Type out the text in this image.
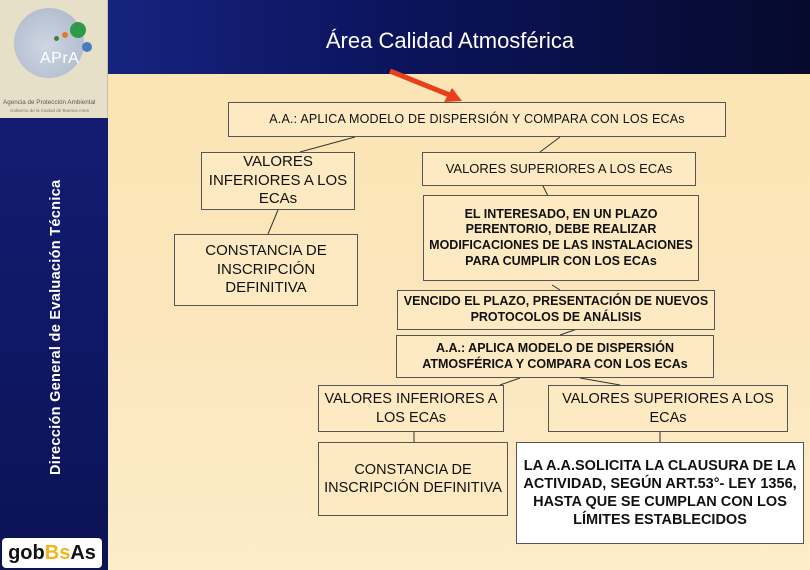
APrA
Agencia de Protección Ambiental
Gobierno de la Ciudad de Buenos Aires
Dirección General de Evaluación Técnica
gobBsAs
Área Calidad Atmosférica
A.A.: APLICA MODELO DE DISPERSIÓN Y COMPARA CON LOS ECAs
VALORES INFERIORES A LOS ECAs
CONSTANCIA DE INSCRIPCIÓN DEFINITIVA
VALORES SUPERIORES A LOS ECAs
EL INTERESADO, EN UN PLAZO PERENTORIO, DEBE REALIZAR MODIFICACIONES DE LAS INSTALACIONES PARA CUMPLIR CON LOS ECAs
VENCIDO EL PLAZO, PRESENTACIÓN DE NUEVOS PROTOCOLOS DE ANÁLISIS
A.A.: APLICA MODELO DE DISPERSIÓN ATMOSFÉRICA Y COMPARA CON LOS ECAs
VALORES INFERIORES A LOS ECAs
CONSTANCIA DE INSCRIPCIÓN DEFINITIVA
VALORES SUPERIORES A LOS ECAs
LA A.A.SOLICITA LA CLAUSURA DE LA ACTIVIDAD, SEGÚN ART.53°- LEY 1356, HASTA QUE SE CUMPLAN CON LOS LÍMITES ESTABLECIDOS
